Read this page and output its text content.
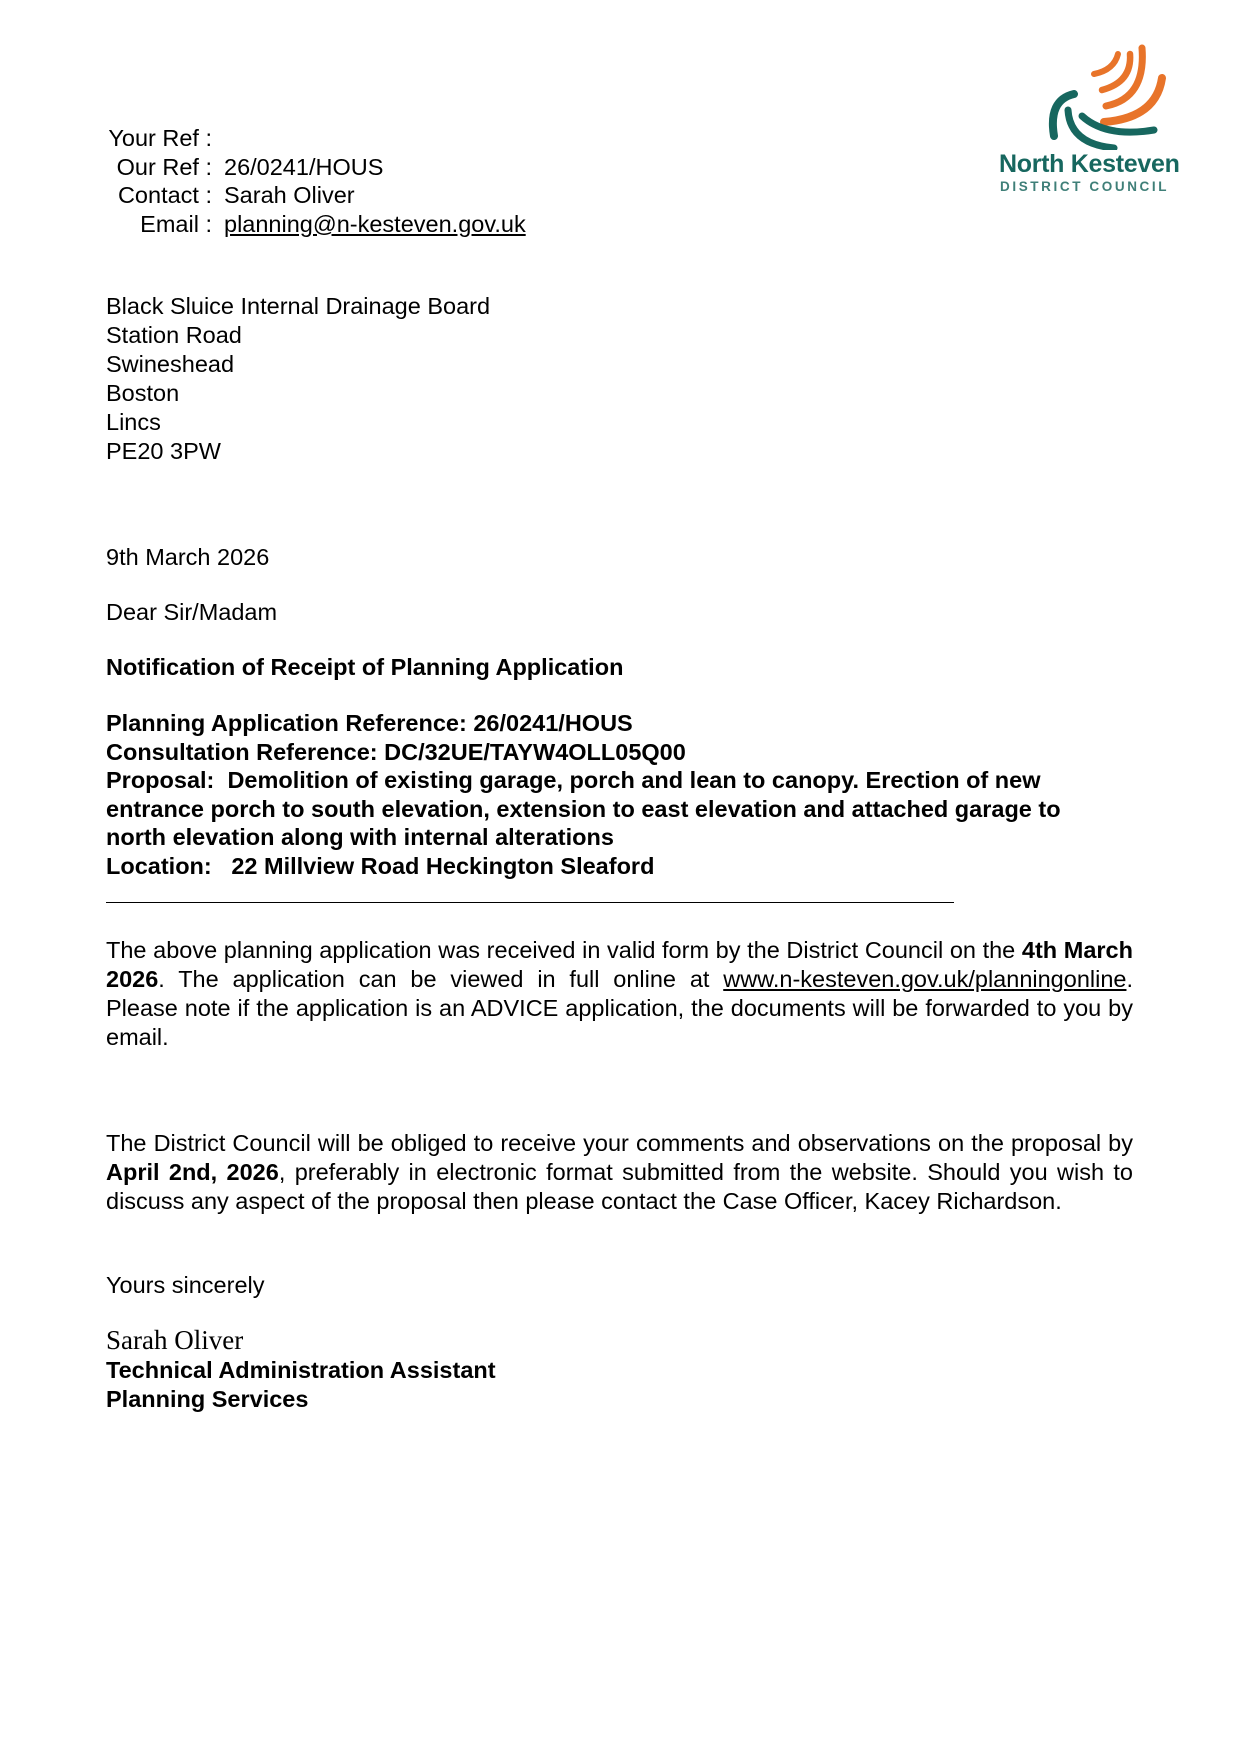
Your Ref :
Our Ref : 26/0241/HOUS
Contact : Sarah Oliver
Email : planning@n-kesteven.gov.uk
North Kesteven
DISTRICT COUNCIL
Black Sluice Internal Drainage Board
Station Road
Swineshead
Boston
Lincs
PE20 3PW
9th March 2026
Dear Sir/Madam
Notification of Receipt of Planning Application
Planning Application Reference: 26/0241/HOUS
Consultation Reference: DC/32UE/TAYW4OLL05Q00
Proposal: Demolition of existing garage, porch and lean to canopy. Erection of new entrance porch to south elevation, extension to east elevation and attached garage to north elevation along with internal alterations
Location: 22 Millview Road Heckington Sleaford
The above planning application was received in valid form by the District Council on the 4th March 2026. The application can be viewed in full online at www.n-kesteven.gov.uk/planningonline. Please note if the application is an ADVICE application, the documents will be forwarded to you by email.
The District Council will be obliged to receive your comments and observations on the proposal by April 2nd, 2026, preferably in electronic format submitted from the website. Should you wish to discuss any aspect of the proposal then please contact the Case Officer, Kacey Richardson.
Yours sincerely
Sarah Oliver
Technical Administration Assistant
Planning Services
